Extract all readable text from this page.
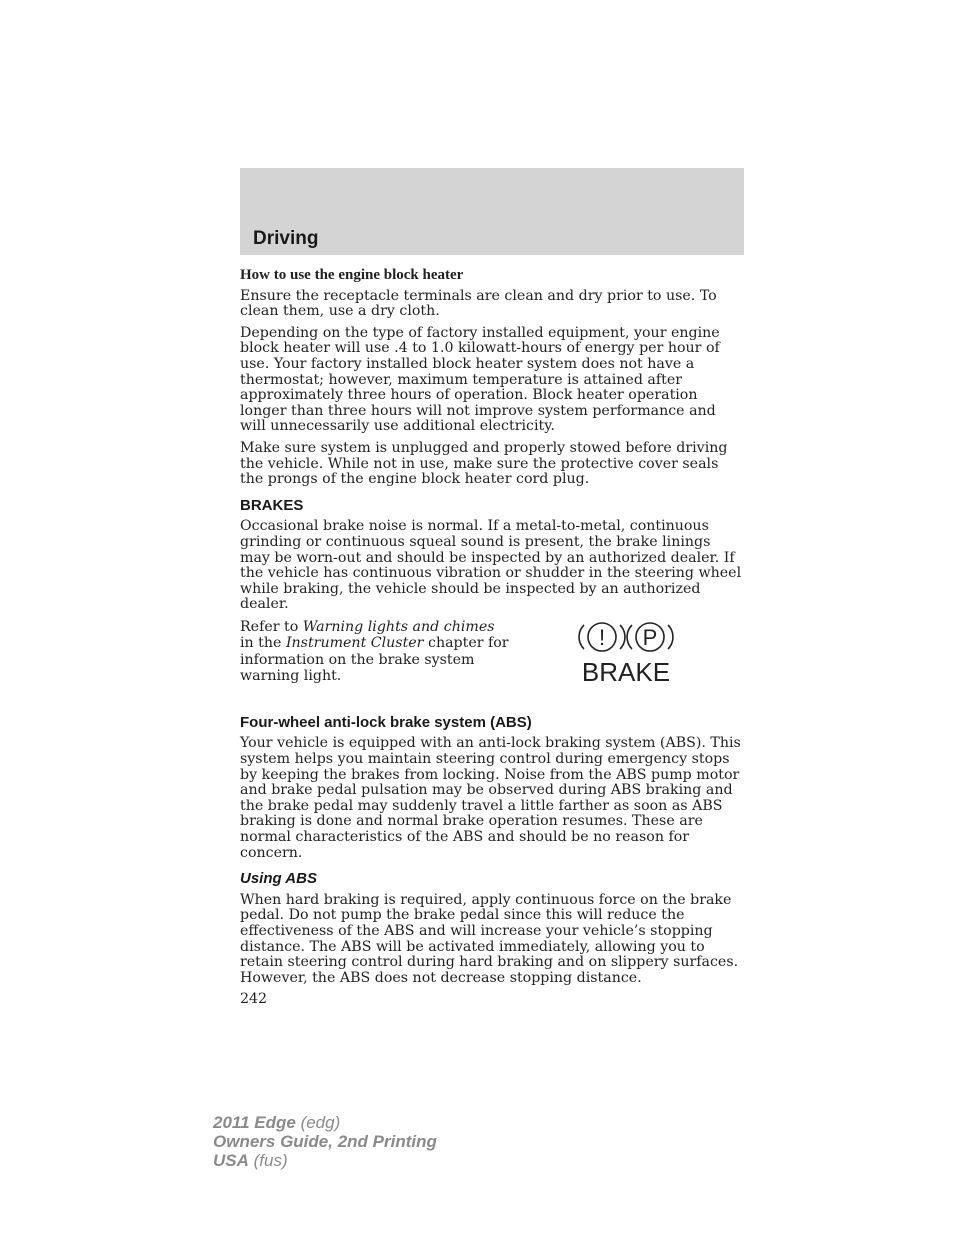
Driving
How to use the engine block heater

Ensure the receptacle terminals are clean and dry prior to use. To clean them, use a dry cloth.

Depending on the type of factory installed equipment, your engine block heater will use .4 to 1.0 kilowatt-hours of energy per hour of use. Your factory installed block heater system does not have a thermostat; however, maximum temperature is attained after approximately three hours of operation. Block heater operation longer than three hours will not improve system performance and will unnecessarily use additional electricity.

Make sure system is unplugged and properly stowed before driving the vehicle. While not in use, make sure the protective cover seals the prongs of the engine block heater cord plug.

BRAKES

Occasional brake noise is normal. If a metal-to-metal, continuous grinding or continuous squeal sound is present, the brake linings may be worn-out and should be inspected by an authorized dealer. If the vehicle has continuous vibration or shudder in the steering wheel while braking, the vehicle should be inspected by an authorized dealer.

Refer to Warning lights and chimes in the Instrument Cluster chapter for information on the brake system warning light.
! P
BRAKE
Four-wheel anti-lock brake system (ABS)

Your vehicle is equipped with an anti-lock braking system (ABS). This system helps you maintain steering control during emergency stops by keeping the brakes from locking. Noise from the ABS pump motor and brake pedal pulsation may be observed during ABS braking and the brake pedal may suddenly travel a little farther as soon as ABS braking is done and normal brake operation resumes. These are normal characteristics of the ABS and should be no reason for concern.

Using ABS

When hard braking is required, apply continuous force on the brake pedal. Do not pump the brake pedal since this will reduce the effectiveness of the ABS and will increase your vehicle’s stopping distance. The ABS will be activated immediately, allowing you to retain steering control during hard braking and on slippery surfaces. However, the ABS does not decrease stopping distance.

242
2011 Edge (edg)
Owners Guide, 2nd Printing
USA (fus)
